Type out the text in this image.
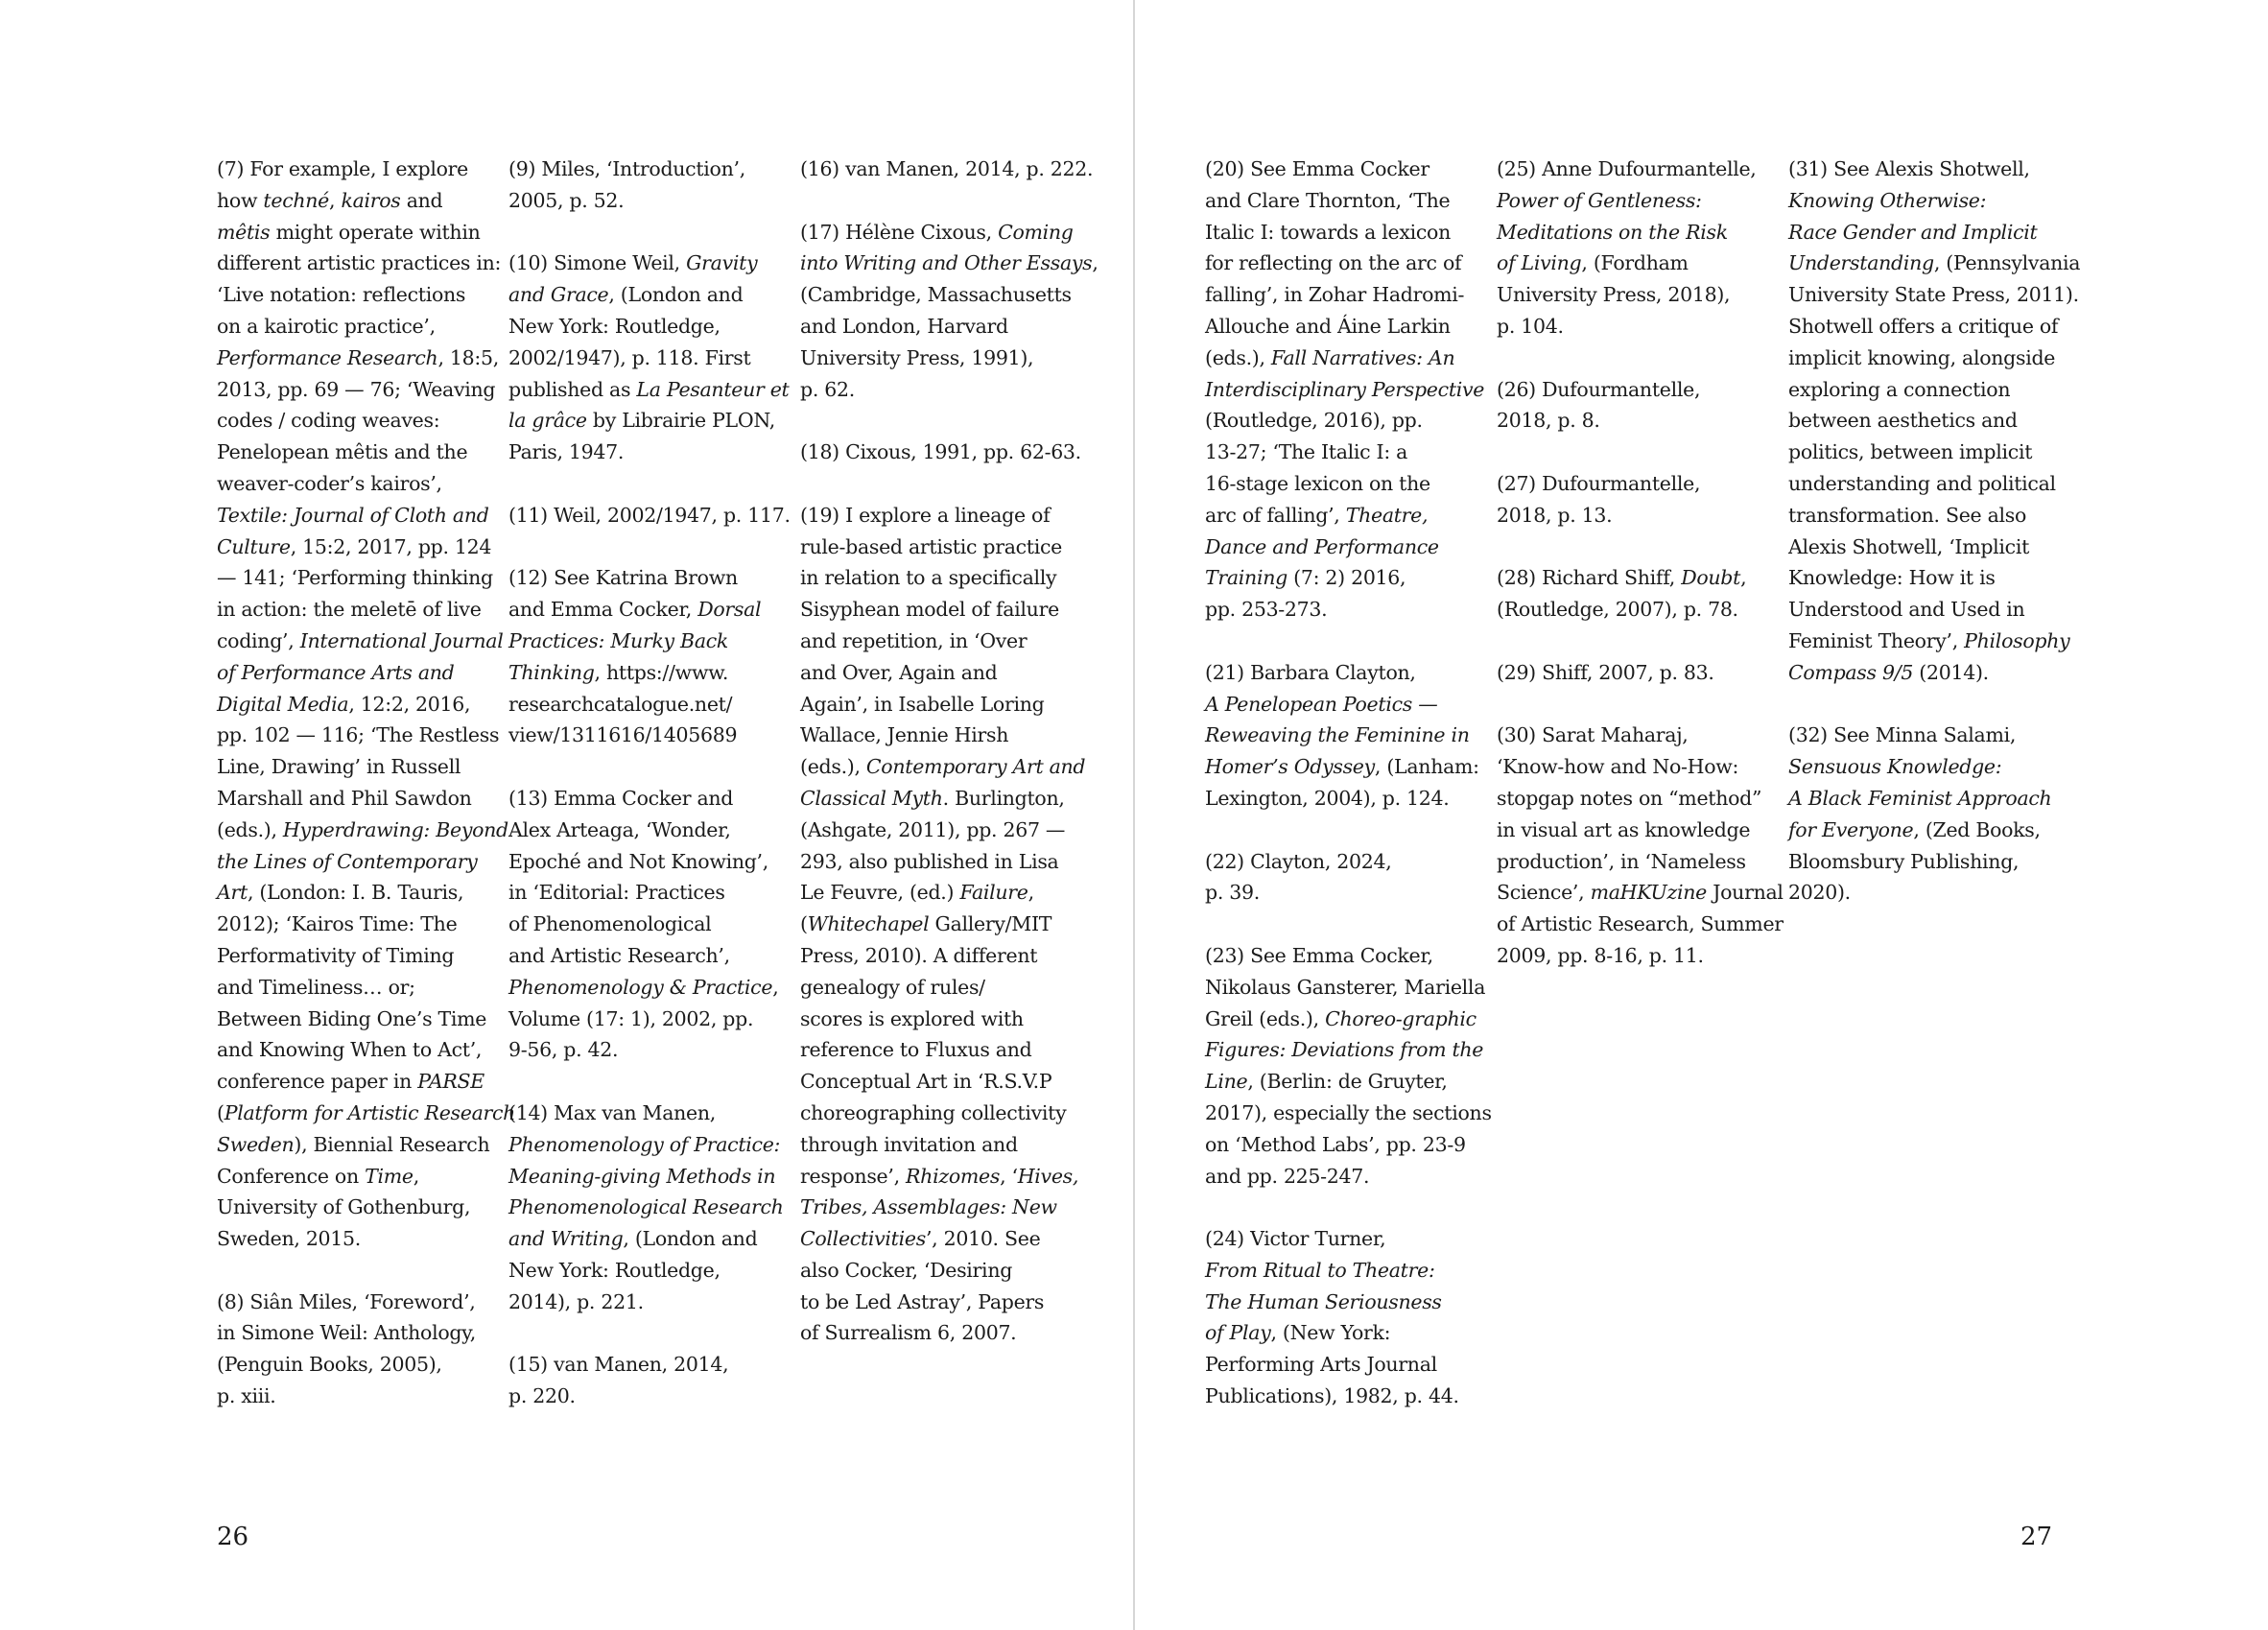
(7) For example, I explore
how techné, kairos and
mêtis might operate within
different artistic practices in:
‘Live notation: reflections
on a kairotic practice’,
Performance Research, 18:5,
2013, pp. 69 — 76; ‘Weaving
codes / coding weaves:
Penelopean mêtis and the
weaver-coder’s kairos’,
Textile: Journal of Cloth and
Culture, 15:2, 2017, pp. 124
— 141; ‘Performing thinking
in action: the meletē of live
coding’, International Journal
of Performance Arts and
Digital Media, 12:2, 2016,
pp. 102 — 116; ‘The Restless
Line, Drawing’ in Russell
Marshall and Phil Sawdon
(eds.), Hyperdrawing: Beyond
the Lines of Contemporary
Art, (London: I. B. Tauris,
2012); ‘Kairos Time: The
Performativity of Timing
and Timeliness… or;
Between Biding One’s Time
and Knowing When to Act’,
conference paper in PARSE
(Platform for Artistic Research
Sweden), Biennial Research
Conference on Time,
University of Gothenburg,
Sweden, 2015.
(8) Siân Miles, ‘Foreword’,
in Simone Weil: Anthology,
(Penguin Books, 2005),
p. xiii.
(9) Miles, ‘Introduction’,
2005, p. 52.
(10) Simone Weil, Gravity
and Grace, (London and
New York: Routledge,
2002/1947), p. 118. First
published as La Pesanteur et
la grâce by Librairie PLON,
Paris, 1947.
(11) Weil, 2002/1947, p. 117.
(12) See Katrina Brown
and Emma Cocker, Dorsal
Practices: Murky Back
Thinking, https://www.
researchcatalogue.net/
view/1311616/1405689
(13) Emma Cocker and
Alex Arteaga, ‘Wonder,
Epoché and Not Knowing’,
in ‘Editorial: Practices
of Phenomenological
and Artistic Research’,
Phenomenology & Practice,
Volume (17: 1), 2002, pp.
9-56, p. 42.
(14) Max van Manen,
Phenomenology of Practice:
Meaning-giving Methods in
Phenomenological Research
and Writing, (London and
New York: Routledge,
2014), p. 221.
(15) van Manen, 2014,
p. 220.
(16) van Manen, 2014, p. 222.
(17) Hélène Cixous, Coming
into Writing and Other Essays,
(Cambridge, Massachusetts
and London, Harvard
University Press, 1991),
p. 62.
(18) Cixous, 1991, pp. 62-63.
(19) I explore a lineage of
rule-based artistic practice
in relation to a specifically
Sisyphean model of failure
and repetition, in ‘Over
and Over, Again and
Again’, in Isabelle Loring
Wallace, Jennie Hirsh
(eds.), Contemporary Art and
Classical Myth. Burlington,
(Ashgate, 2011), pp. 267 —
293, also published in Lisa
Le Feuvre, (ed.) Failure,
(Whitechapel Gallery/MIT
Press, 2010). A different
genealogy of rules/
scores is explored with
reference to Fluxus and
Conceptual Art in ‘R.S.V.P
choreographing collectivity
through invitation and
response’, Rhizomes, ‘Hives,
Tribes, Assemblages: New
Collectivities’, 2010. See
also Cocker, ‘Desiring
to be Led Astray’, Papers
of Surrealism 6, 2007.
(20) See Emma Cocker
and Clare Thornton, ‘The
Italic I: towards a lexicon
for reflecting on the arc of
falling’, in Zohar Hadromi-
Allouche and Áine Larkin
(eds.), Fall Narratives: An
Interdisciplinary Perspective
(Routledge, 2016), pp.
13-27; ‘The Italic I: a
16-stage lexicon on the
arc of falling’, Theatre,
Dance and Performance
Training (7: 2) 2016,
pp. 253-273.
(21) Barbara Clayton,
A Penelopean Poetics —
Reweaving the Feminine in
Homer’s Odyssey, (Lanham:
Lexington, 2004), p. 124.
(22) Clayton, 2024,
p. 39.
(23) See Emma Cocker,
Nikolaus Gansterer, Mariella
Greil (eds.), Choreo-graphic
Figures: Deviations from the
Line, (Berlin: de Gruyter,
2017), especially the sections
on ‘Method Labs’, pp. 23-9
and pp. 225-247.
(24) Victor Turner,
From Ritual to Theatre:
The Human Seriousness
of Play, (New York:
Performing Arts Journal
Publications), 1982, p. 44.
(25) Anne Dufourmantelle,
Power of Gentleness:
Meditations on the Risk
of Living, (Fordham
University Press, 2018),
p. 104.
(26) Dufourmantelle,
2018, p. 8.
(27) Dufourmantelle,
2018, p. 13.
(28) Richard Shiff, Doubt,
(Routledge, 2007), p. 78.
(29) Shiff, 2007, p. 83.
(30) Sarat Maharaj,
‘Know-how and No-How:
stopgap notes on “method”
in visual art as knowledge
production’, in ‘Nameless
Science’, maHKUzine Journal
of Artistic Research, Summer
2009, pp. 8-16, p. 11.
(31) See Alexis Shotwell,
Knowing Otherwise:
Race Gender and Implicit
Understanding, (Pennsylvania
University State Press, 2011).
Shotwell offers a critique of
implicit knowing, alongside
exploring a connection
between aesthetics and
politics, between implicit
understanding and political
transformation. See also
Alexis Shotwell, ‘Implicit
Knowledge: How it is
Understood and Used in
Feminist Theory’, Philosophy
Compass 9/5 (2014).
(32) See Minna Salami,
Sensuous Knowledge:
A Black Feminist Approach
for Everyone, (Zed Books,
Bloomsbury Publishing,
2020).
26	27
